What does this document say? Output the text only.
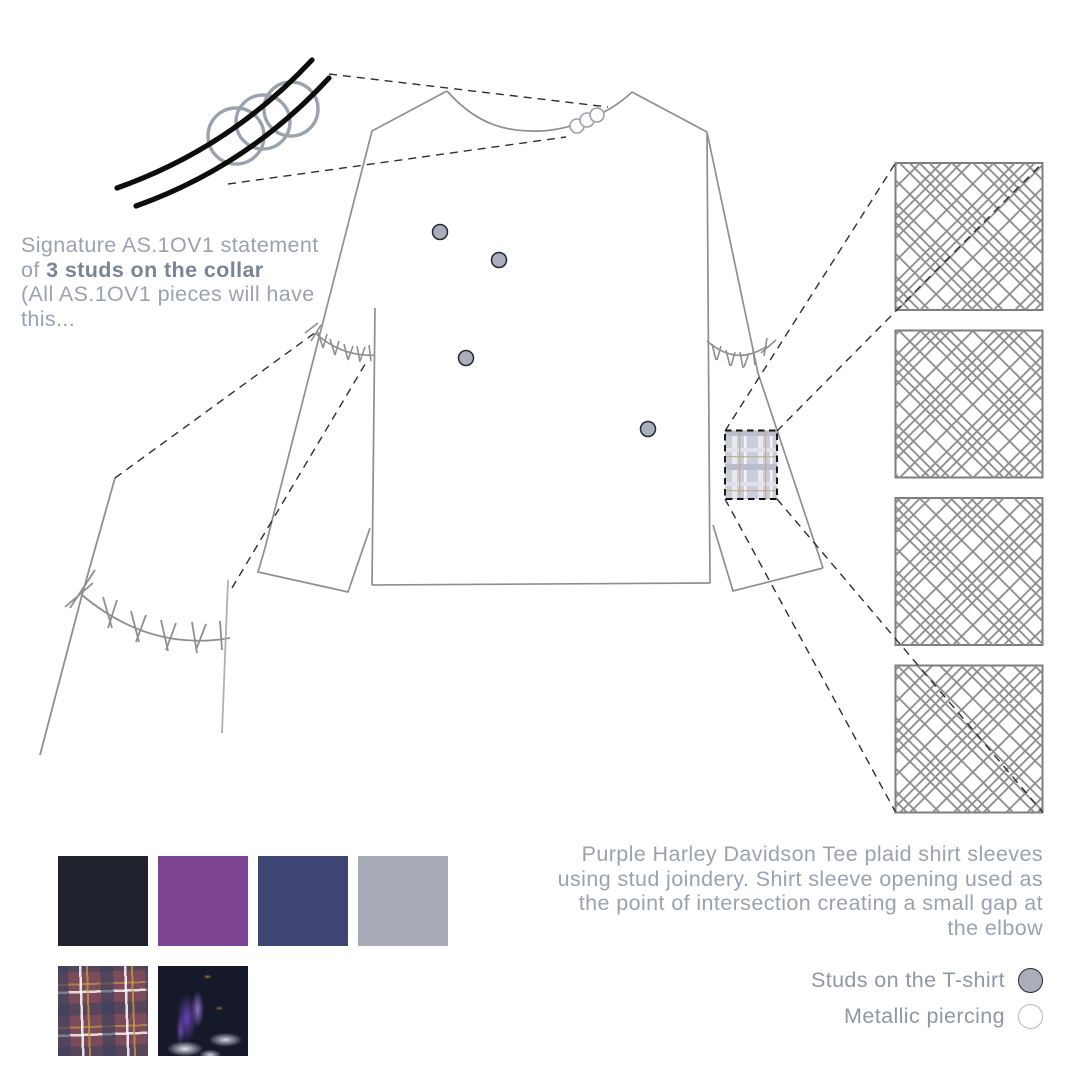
Signature AS.1OV1 statement
of 3 studs on the collar
(All AS.1OV1 pieces will have
this...
Purple Harley Davidson Tee plaid shirt sleeves
using stud joindery. Shirt sleeve opening used as
the point of intersection creating a small gap at
the elbow
Studs on the T-shirt
Metallic piercing
